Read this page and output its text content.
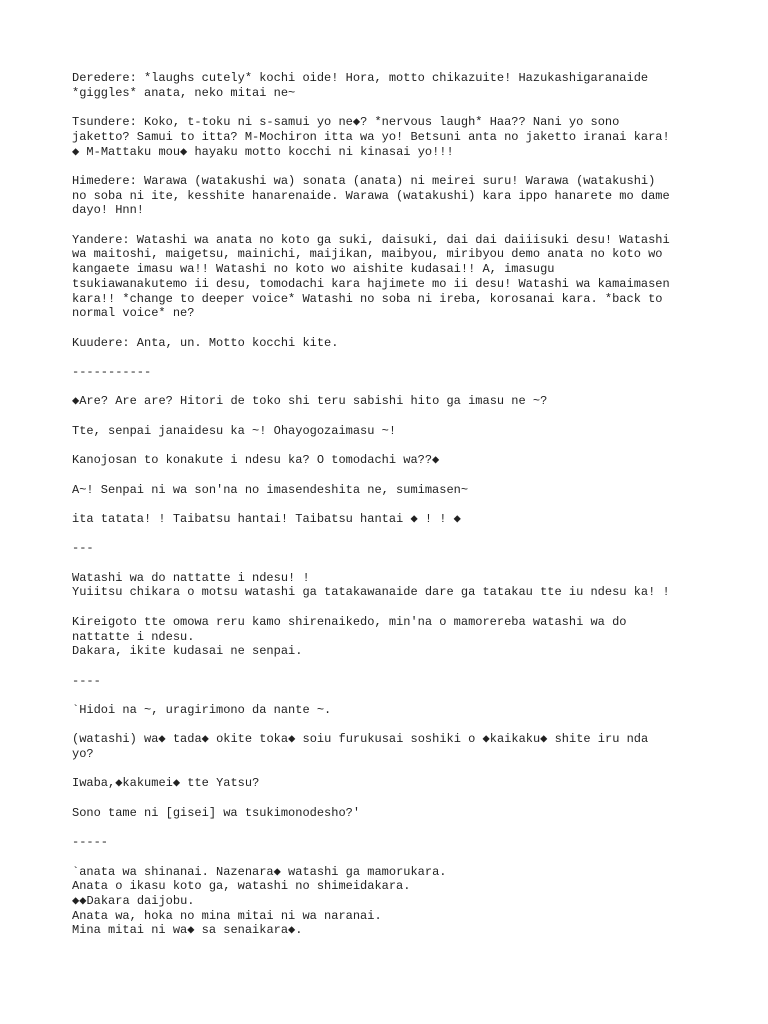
Deredere: *laughs cutely* kochi oide! Hora, motto chikazuite! Hazukashigaranaide
*giggles* anata, neko mitai ne~

Tsundere: Koko, t-toku ni s-samui yo ne◆? *nervous laugh* Haa?? Nani yo sono
jaketto? Samui to itta? M-Mochiron itta wa yo! Betsuni anta no jaketto iranai kara!
◆ M-Mattaku mou◆ hayaku motto kocchi ni kinasai yo!!!

Himedere: Warawa (watakushi wa) sonata (anata) ni meirei suru! Warawa (watakushi)
no soba ni ite, kesshite hanarenaide. Warawa (watakushi) kara ippo hanarete mo dame
dayo! Hnn!

Yandere: Watashi wa anata no koto ga suki, daisuki, dai dai daiiisuki desu! Watashi
wa maitoshi, maigetsu, mainichi, maijikan, maibyou, miribyou demo anata no koto wo
kangaete imasu wa!! Watashi no koto wo aishite kudasai!! A, imasugu
tsukiawanakutemo ii desu, tomodachi kara hajimete mo ii desu! Watashi wa kamaimasen
kara!! *change to deeper voice* Watashi no soba ni ireba, korosanai kara. *back to
normal voice* ne?

Kuudere: Anta, un. Motto kocchi kite.

-----------

◆Are? Are are? Hitori de toko shi teru sabishi hito ga imasu ne ~?

Tte, senpai janaidesu ka ~! Ohayogozaimasu ~!

Kanojosan to konakute i ndesu ka? O tomodachi wa??◆

A~! Senpai ni wa son'na no imasendeshita ne, sumimasen~

ita tatata! ! Taibatsu hantai! Taibatsu hantai ◆ ! ! ◆

---

Watashi wa do nattatte i ndesu! !
Yuiitsu chikara o motsu watashi ga tatakawanaide dare ga tatakau tte iu ndesu ka! !

Kireigoto tte omowa reru kamo shirenaikedo, min'na o mamorereba watashi wa do
nattatte i ndesu.
Dakara, ikite kudasai ne senpai.

----

`Hidoi na ~, uragirimono da nante ~.

(watashi) wa◆ tada◆ okite toka◆ soiu furukusai soshiki o ◆kaikaku◆ shite iru nda
yo?

Iwaba,◆kakumei◆ tte Yatsu?

Sono tame ni [gisei] wa tsukimonodesho?'

-----

`anata wa shinanai. Nazenara◆ watashi ga mamorukara.
Anata o ikasu koto ga, watashi no shimeidakara.
◆◆Dakara daijobu.
Anata wa, hoka no mina mitai ni wa naranai.
Mina mitai ni wa◆ sa senaikara◆.
